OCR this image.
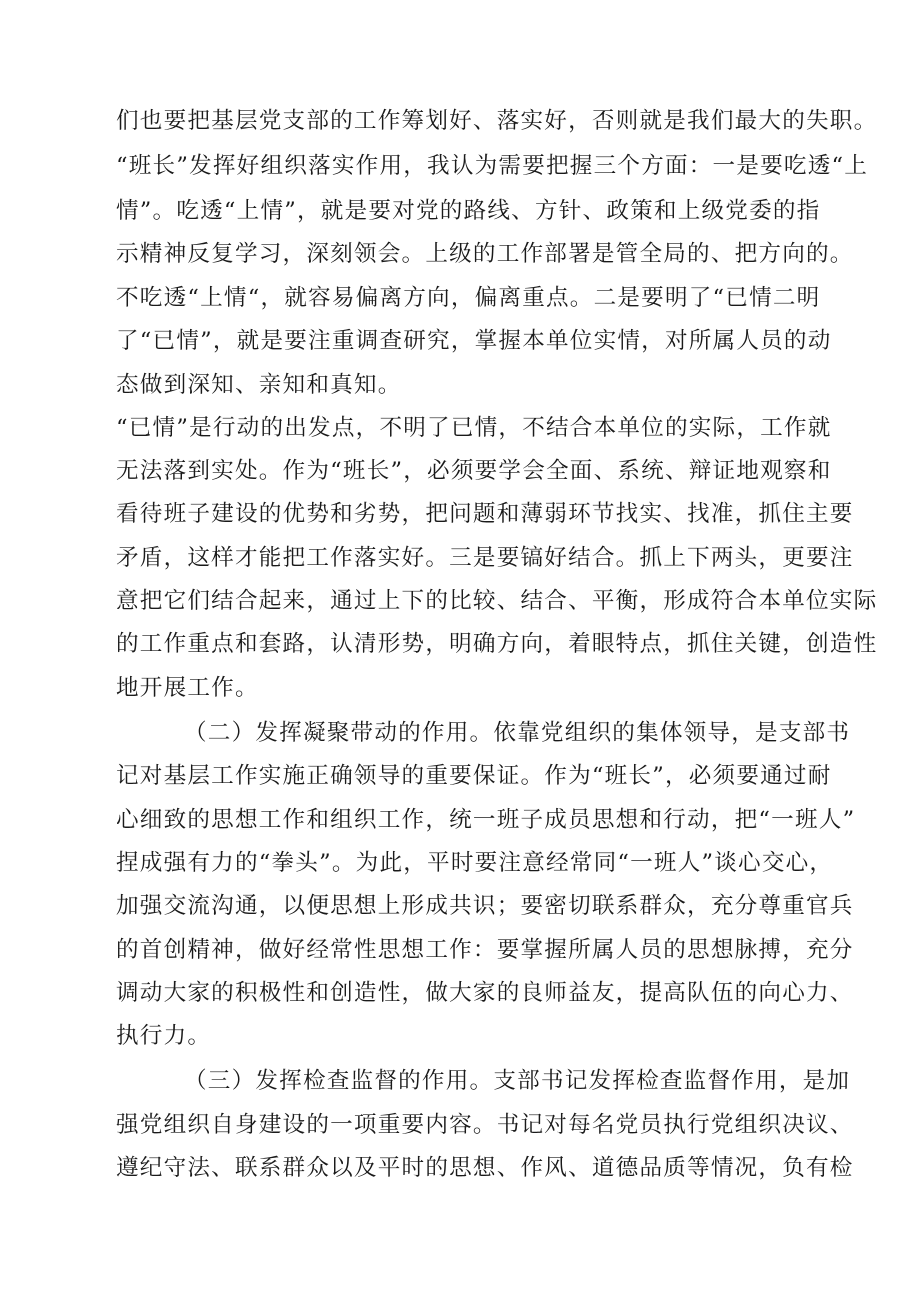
们也要把基层党支部的工作筹划好、落实好，否则就是我们最大的失职。
“班长”发挥好组织落实作用，我认为需要把握三个方面：一是要吃透“上
情”。吃透“上情”，就是要对党的路线、方针、政策和上级党委的指
示精神反复学习，深刻领会。上级的工作部署是管全局的、把方向的。
不吃透“上情“，就容易偏离方向，偏离重点。二是要明了“已情二明
了“已情”，就是要注重调查研究，掌握本单位实情，对所属人员的动
态做到深知、亲知和真知。
“已情”是行动的出发点，不明了已情，不结合本单位的实际，工作就
无法落到实处。作为“班长”，必须要学会全面、系统、辩证地观察和
看待班子建设的优势和劣势，把问题和薄弱环节找实、找准，抓住主要
矛盾，这样才能把工作落实好。三是要镐好结合。抓上下两头，更要注
意把它们结合起来，通过上下的比较、结合、平衡，形成符合本单位实际
的工作重点和套路，认清形势，明确方向，着眼特点，抓住关键，创造性
地开展工作。
（二）发挥凝聚带动的作用。依靠党组织的集体领导，是支部书
记对基层工作实施正确领导的重要保证。作为“班长”，必须要通过耐
心细致的思想工作和组织工作，统一班子成员思想和行动，把“一班人”
捏成强有力的“拳头”。为此，平时要注意经常同“一班人”谈心交心，
加强交流沟通，以便思想上形成共识；要密切联系群众，充分尊重官兵
的首创精神，做好经常性思想工作：要掌握所属人员的思想脉搏，充分
调动大家的积极性和创造性，做大家的良师益友，提高队伍的向心力、
执行力。
（三）发挥检查监督的作用。支部书记发挥检查监督作用，是加
强党组织自身建设的一项重要内容。书记对每名党员执行党组织决议、
遵纪守法、联系群众以及平时的思想、作风、道德品质等情况，负有检
